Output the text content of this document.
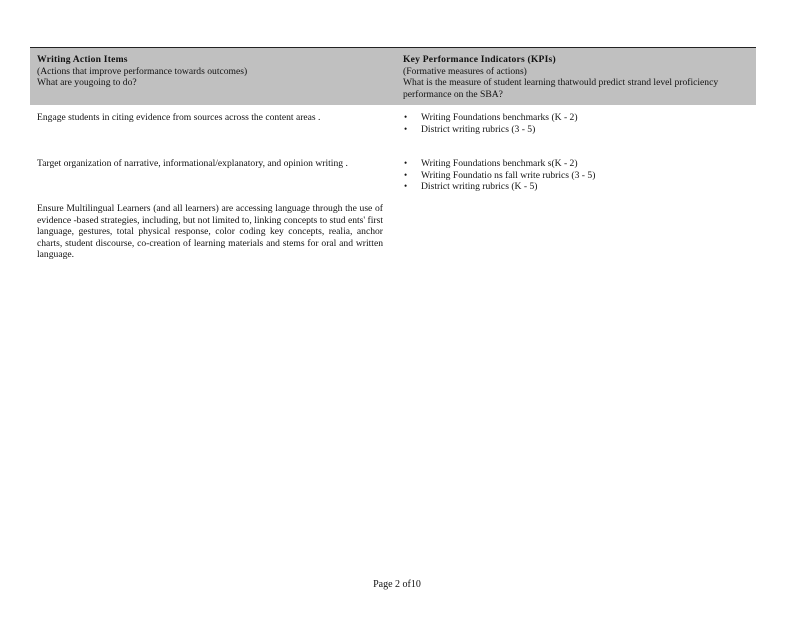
Writing Action Items
(Actions that improve performance towards outcomes)
What are yougoing to do?
Key Performance Indicators (KPIs)
(Formative measures of actions)
What is the measure of student learning thatwould predict strand level proficiency performance on the SBA?
Engage students in citing evidence from sources across the content areas .	• Writing Foundations benchmarks (K - 2)
• District writing rubrics (3 - 5)
Target organization of narrative, informational/explanatory, and opinion writing .	• Writing Foundations benchmark s(K - 2)
• Writing Foundatio ns fall write rubrics (3 - 5)
• District writing rubrics (K - 5)
Ensure Multilingual Learners (and all learners) are accessing language through the use of evidence -based strategies, including, but not limited to, linking concepts to stud ents' first language, gestures, total physical response, color coding key concepts, realia, anchor charts, student discourse, co-creation of learning materials and stems for oral and written language.
Page 2 of10
